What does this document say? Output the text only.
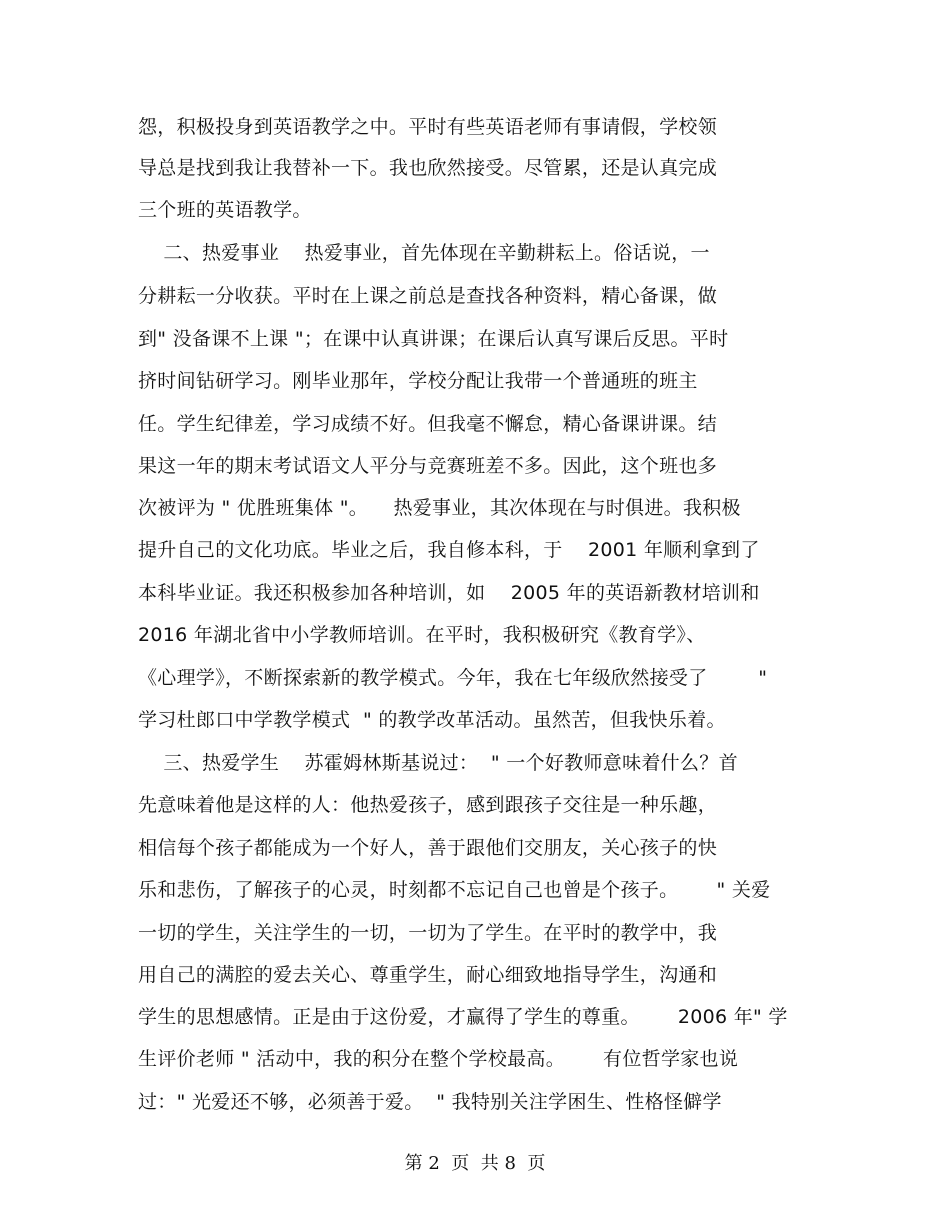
怨，积极投身到英语教学之中。平时有些英语老师有事请假，学校领
导总是找到我让我替补一下。我也欣然接受。尽管累，还是认真完成
三个班的英语教学。
二、热爱事业    热爱事业，首先体现在辛勤耕耘上。俗话说，一
分耕耘一分收获。平时在上课之前总是查找各种资料，精心备课，做
到" 没备课不上课 "；在课中认真讲课；在课后认真写课后反思。平时
挤时间钻研学习。刚毕业那年，学校分配让我带一个普通班的班主
任。学生纪律差，学习成绩不好。但我毫不懈怠，精心备课讲课。结
果这一年的期末考试语文人平分与竞赛班差不多。因此，这个班也多
次被评为 " 优胜班集体 "。    热爱事业，其次体现在与时俱进。我积极
提升自己的文化功底。毕业之后，我自修本科，于    2001 年顺利拿到了
本科毕业证。我还积极参加各种培训，如    2005 年的英语新教材培训和
2016 年湖北省中小学教师培训。在平时，我积极研究《教育学》、
《心理学》，不断探索新的教学模式。今年，我在七年级欣然接受了        "
学习杜郎口中学教学模式  " 的教学改革活动。虽然苦，但我快乐着。
三、热爱学生    苏霍姆林斯基说过：  " 一个好教师意味着什么？首
先意味着他是这样的人：他热爱孩子，感到跟孩子交往是一种乐趣，
相信每个孩子都能成为一个好人，善于跟他们交朋友，关心孩子的快
乐和悲伤，了解孩子的心灵，时刻都不忘记自己也曾是个孩子。      " 关爱
一切的学生，关注学生的一切，一切为了学生。在平时的教学中，我
用自己的满腔的爱去关心、尊重学生，耐心细致地指导学生，沟通和
学生的思想感情。正是由于这份爱，才赢得了学生的尊重。      2006 年" 学
生评价老师 " 活动中，我的积分在整个学校最高。      有位哲学家也说
过：" 光爱还不够，必须善于爱。  " 我特别关注学困生、性格怪僻学
第 2  页  共 8  页
